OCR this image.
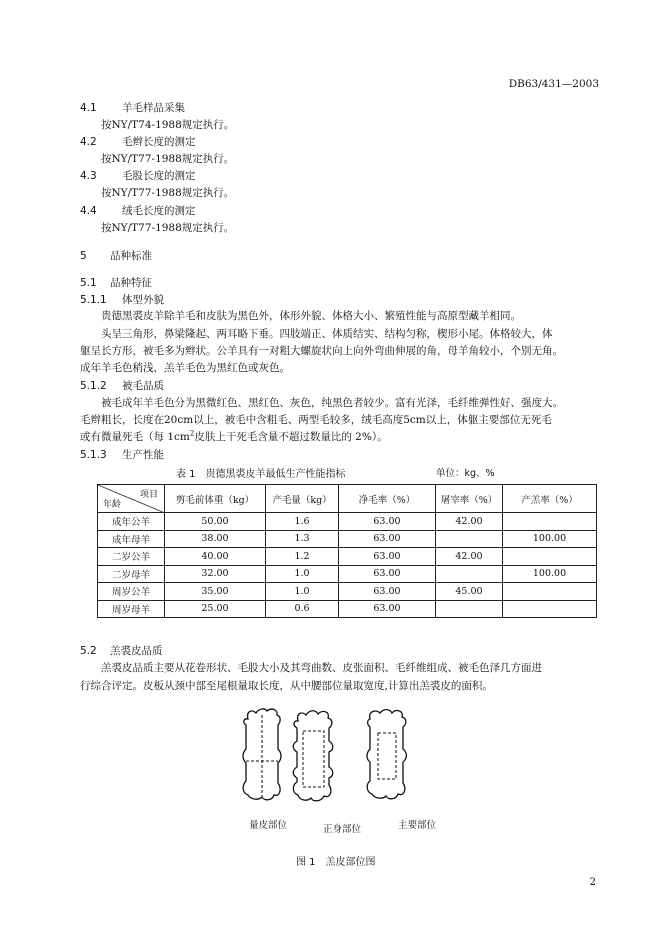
DB63/431—2003
4.1 羊毛样品采集
按NY/T74-1988规定执行。
4.2 毛辫长度的测定
按NY/T77-1988规定执行。
4.3 毛股长度的测定
按NY/T77-1988规定执行。
4.4 绒毛长度的测定
按NY/T77-1988规定执行。
5 品种标准
5.1 品种特征
5.1.1 体型外貌
贵德黑裘皮羊除羊毛和皮肤为黑色外，体形外貌、体格大小、繁殖性能与高原型藏羊相同。
头呈三角形，鼻梁隆起、两耳略下垂。四肢端正、体质结实、结构匀称，楔形小尾。体格较大，体
躯呈长方形，被毛多为辫状。公羊具有一对粗大螺旋状向上向外弯曲伸展的角，母羊角较小，个别无角。
成年羊毛色稍浅，羔羊毛色为黑红色或灰色。
5.1.2 被毛品质
被毛成年羊毛色分为黑微红色、黑红色、灰色，纯黑色者较少。富有光泽，毛纤维弹性好、强度大。
毛辫粗长，长度在20cm以上，被毛中含粗毛、两型毛较多，绒毛高度5cm以上，体躯主要部位无死毛
或有微量死毛（每 $1cm^2$皮肤上干死毛含量不超过数量比的 2%）。
5.1.3 生产性能
表 1　贵德黑裘皮羊最低生产性能指标	单位：kg、%
项目
年龄	剪毛前体重（kg）	产毛量（kg）	净毛率（%）	屠宰率（%）	产羔率（%）
成年公羊	50.00	1.6	63.00	42.00	
成年母羊	38.00	1.3	63.00		100.00
二岁公羊	40.00	1.2	63.00	42.00	
二岁母羊	32.00	1.0	63.00		100.00
周岁公羊	35.00	1.0	63.00	45.00	
周岁母羊	25.00	0.6	63.00		
5.2 羔裘皮品质
羔裘皮品质主要从花卷形状、毛股大小及其弯曲数、皮张面积、毛纤维组成、被毛色泽几方面进
行综合评定。皮板从颈中部至尾根量取长度，从中腰部位量取宽度,计算出羔裘皮的面积。
量皮部位	正身部位	主要部位
图 1　羔皮部位图
2
